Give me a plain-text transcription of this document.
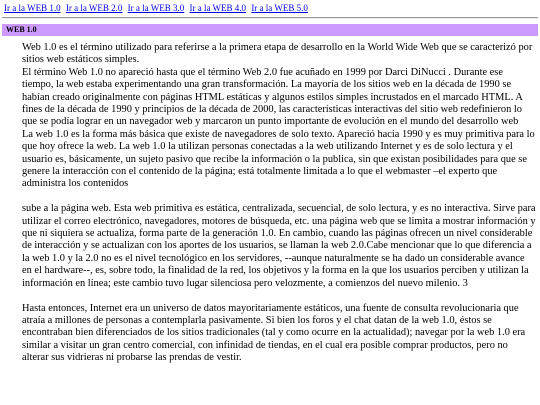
Ir a la WEB 1.0 Ir a la WEB 2.0 Ir a la WEB 3.0 Ir a la WEB 4.0 Ir a la WEB 5.0
WEB 1.0

Web 1.0 es el término utilizado para referirse a la primera etapa de desarrollo en la World Wide Web que se caracterizó por sitios web estáticos simples.

El término Web 1.0 no apareció hasta que el término Web 2.0 fue acuñado en 1999 por Darci DiNucci . Durante ese tiempo, la web estaba experimentando una gran transformación. La mayoría de los sitios web en la década de 1990 se habían creado originalmente con páginas HTML estáticas y algunos estilos simples incrustados en el marcado HTML. A fines de la década de 1990 y principios de la década de 2000, las características interactivas del sitio web redefinieron lo que se podía lograr en un navegador web y marcaron un punto importante de evolución en el mundo del desarrollo web

La web 1.0 es la forma más básica que existe de navegadores de solo texto. Apareció hacia 1990 y es muy primitiva para lo que hoy ofrece la web. La web 1.0 la utilizan personas conectadas a la web utilizando Internet y es de solo lectura y el usuario es, básicamente, un sujeto pasivo que recibe la información o la publica, sin que existan posibilidades para que se genere la interacción con el contenido de la página; está totalmente limitada a lo que el webmaster –el experto que administra los contenidos

sube a la página web. Esta web primitiva es estática, centralizada, secuencial, de solo lectura, y es no interactiva. Sirve para utilizar el correo electrónico, navegadores, motores de búsqueda, etc. una página web que se limita a mostrar información y que ni siquiera se actualiza, forma parte de la generación 1.0. En cambio, cuando las páginas ofrecen un nivel considerable de interacción y se actualizan con los aportes de los usuarios, se llaman la web 2.0.Cabe mencionar que lo que diferencia a la web 1.0 y la 2.0 no es el nivel tecnológico en los servidores, --aunque naturalmente se ha dado un considerable avance en el hardware--, es, sobre todo, la finalidad de la red, los objetivos y la forma en la que los usuarios perciben y utilizan la información en línea; este cambio tuvo lugar silenciosa pero velozmente, a comienzos del nuevo milenio. 3

Hasta entonces, Internet era un universo de datos mayoritariamente estáticos, una fuente de consulta revolucionaria que atraía a millones de personas a contemplarla pasivamente. Si bien los foros y el chat datan de la web 1.0, éstos se encontraban bien diferenciados de los sitios tradicionales (tal y como ocurre en la actualidad); navegar por la web 1.0 era similar a visitar un gran centro comercial, con infinidad de tiendas, en el cual era posible comprar productos, pero no alterar sus vidrieras ni probarse las prendas de vestir.
